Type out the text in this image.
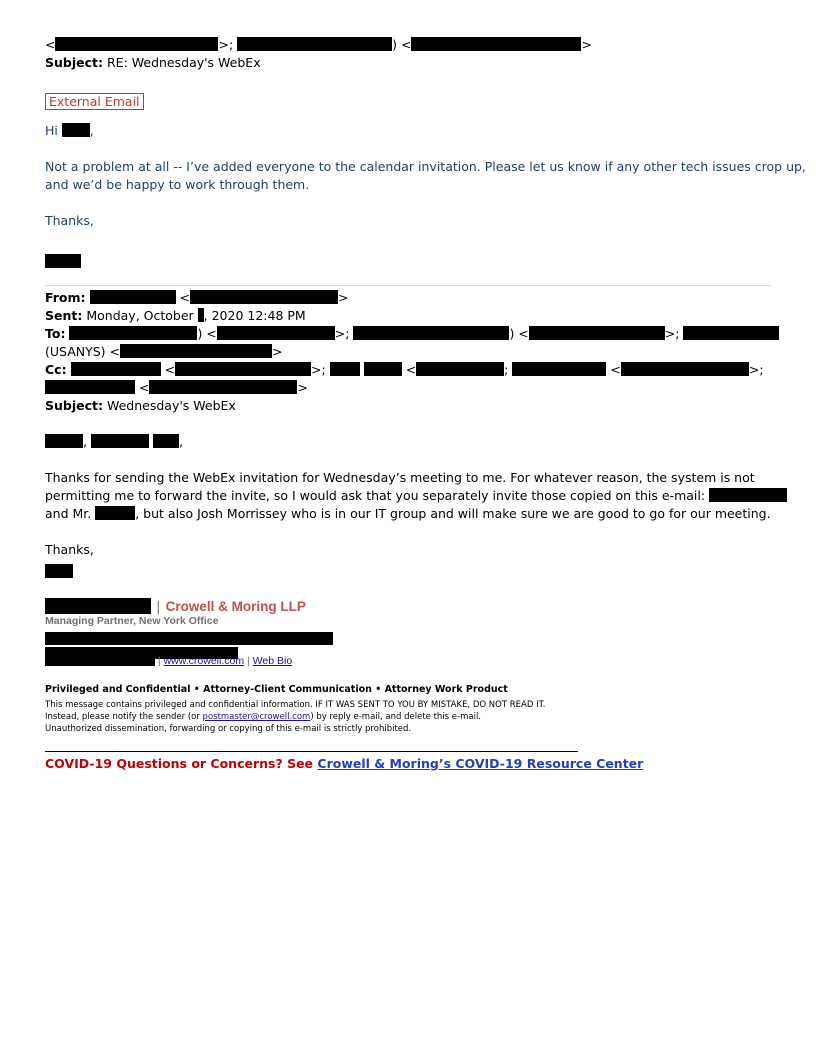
<	>;	) <	>
Subject: RE: Wednesday's WebEx
External Email
Hi	,
Not a problem at all -- I’ve added everyone to the calendar invitation. Please let us know if any other tech issues crop up,
and we’d be happy to work through them.
Thanks,
From:	<	>
Sent: Monday, October , 2020 12:48 PM
To:	) <	>;	) <	>;
(USANYS) <	>
Cc:	<	>;	<	;	<	>;
<	>
Subject: Wednesday's WebEx
,	,
Thanks for sending the WebEx invitation for Wednesday’s meeting to me. For whatever reason, the system is not
permitting me to forward the invite, so I would ask that you separately invite those copied on this e-mail:
and Mr.	, but also Josh Morrissey who is in our IT group and will make sure we are good to go for our meeting.
Thanks,
| Crowell & Moring LLP
Managing Partner, New York Office
| www.crowell.com | Web Bio
Privileged and Confidential • Attorney-Client Communication • Attorney Work Product
This message contains privileged and confidential information. IF IT WAS SENT TO YOU BY MISTAKE, DO NOT READ IT.
Instead, please notify the sender (or postmaster@crowell.com) by reply e-mail, and delete this e-mail.
Unauthorized dissemination, forwarding or copying of this e-mail is strictly prohibited.
COVID-19 Questions or Concerns? See Crowell & Moring’s COVID-19 Resource Center
